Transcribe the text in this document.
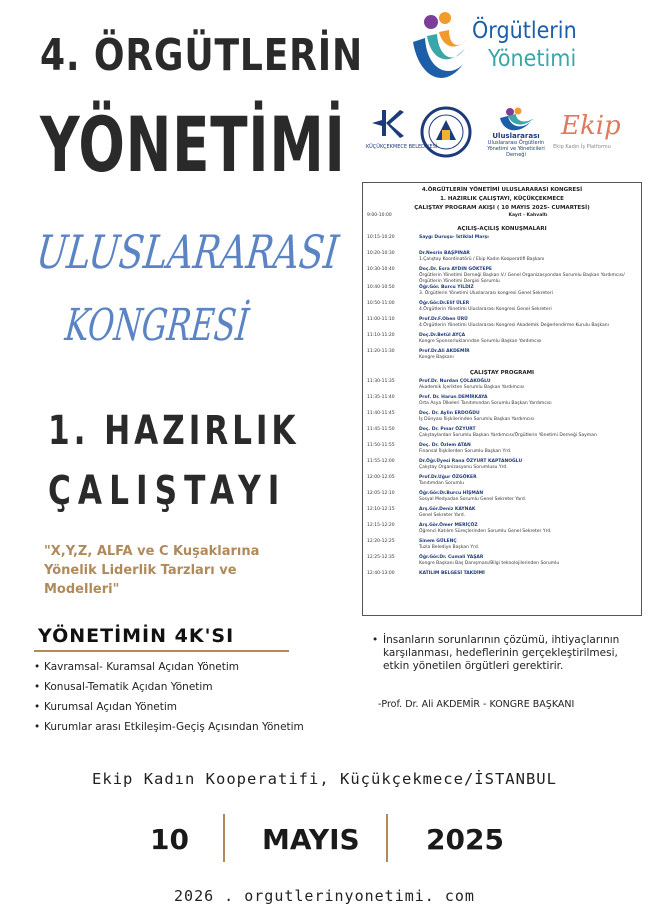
4. ÖRGÜTLERİN
YÖNETİMİ
ULUSLARARASI
KONGRESİ
1. HAZIRLIK
ÇALIŞTAYI
"X,Y,Z, ALFA ve C Kuşaklarına Yönelik Liderlik Tarzları ve Modelleri"
Örgütlerin
Yönetimi
KÜÇÜKÇEKMECE BELEDİYESİ
Uluslararası
Uluslararası Örgütlerin Yönetimi ve Yöneticileri Derneği
Ekip
Ekip Kadın İş Platformu
4.ÖRGÜTLERİN YÖNETİMİ ULUSLARARASI KONGRESİ
1. HAZIRLIK ÇALIŞTAYI, KÜÇÜKÇEKMECE
ÇALIŞTAY PROGRAM AKIŞI ( 10 MAYIS 2025- CUMARTESİ)
9:00-10:00	Kayıt - Kahvaltı
AÇILIŞ-AÇILIŞ KONUŞMALARI
10:15-10:20	Saygı Duruşu- İstiklal Marşı
10:20-10:30	Dr.Nesrin BAŞPINAR
1.Çalıştay Koordinatörü / Ekip Kadın Kooperatifi Başkanı
10:30-10:40	Doç.Dr. Esra AYDIN GÖKTEPE
Örgütlerin Yönetimi Derneği Başkan V./ Genel Organizasyondan Sorumlu Başkan Yardımcısı/Örgütlerin Yönetimi Dergisi Sorumlu
10:40-10:50	Öğr.Gör. Burcu YILDIZ
3. Örgütlerin Yönetimi Uluslararası kongresi Genel Sekreteri
10:50-11:00	Öğr.Gör.Dr.Elif ÜLER
4.Örgütlerin Yönetimi Uluslararası Kongresi Genel Sekreteri
11:00-11:10	Prof.Dr.F.Oben ÜRÜ
4.Örgütlerin Yönetimi Uluslararası Kongresi Akademik Değerlendirme Kurulu Başkanı
11:10-11:20	Doç.Dr.Betül AYÇA
Kongre Sponsorluklarından Sorumlu Başkan Yardımcısı
11:20-11:30	Prof.Dr.Ali AKDEMİR
Kongre Başkanı
ÇALIŞTAY PROGRAMI
11:30-11:35	Prof.Dr. Nurdan ÇOLAKOĞLU
Akademik İçerikten Sorumlu Başkan Yardımcısı
11:35-11:40	Prof. Dr. Harun DEMİRKAYA
Orta Asya Ülkeleri Tanıtımından Sorumlu Başkan Yardımcısı
11:40-11:45	Doç. Dr. Aylin ERDOĞDU
İş Dünyası İlişkilerinden Sorumlu Başkan Yardımcısı
11:45-11:50	Doç. Dr. Pınar ÖZYURT
Çalıştaylardan Sorumlu Başkan Yardımcısı/Örgütlerin Yönetimi Derneği Sayman
11:50-11:55	Doç. Dr. Özlem ATAN
Finansal İlişkilerden Sorumlu Başkan Yrd.
11:55-12:00	Dr.Öğr.Üyesi Rana ÖZYURT KAPTANOĞLU
Çalıştay Organizasyonu Sorumlusu Yrd.
12:00-12:05	Prof.Dr.Uğur ÖZGÖKER
Tanıtımdan Sorumlu
12:05-12:10	Öğr.Gör.Dr.Burcu HİŞMAN
Sosyal Medyadan Sorumlu Genel Sekreter Yard.
12:10-12:15	Arş.Gör.Deniz KAYNAK
Genel Sekreter Yard.
12:15-12:20	Arş.Gör.Ömer MERİÇÖZ
Öğrenci Katılım Süreçlerinden Sorumlu Genel Sekreter Yrd.
12:20-12:25	Sinem GÜLENÇ
Tuzla Belediye Başkan Yrd.
12:25-12:35	Öğr.Gör.Dr. Cumali YAŞAR
Kongre Başkanı Baş Danışmanı/Bilgi teknolojilerinden Sorumlu
12:40-13:00	KATILIM BELGESİ TAKDİMİ
YÖNETİMİN 4K'SI
• Kavramsal- Kuramsal Açıdan Yönetim
• Konusal-Tematik Açıdan Yönetim
• Kurumsal Açıdan Yönetim
• Kurumlar arası Etkileşim-Geçiş Açısından Yönetim
• İnsanların sorunlarının çözümü, ihtiyaçlarının karşılanması, hedeflerinin gerçekleştirilmesi, etkin yönetilen örgütleri gerektirir.
-Prof. Dr. Ali AKDEMİR - KONGRE BAŞKANI
Ekip Kadın Kooperatifi, Küçükçekmece/İSTANBUL
10	MAYIS 2025
2026 . orgutlerinyonetimi. com
